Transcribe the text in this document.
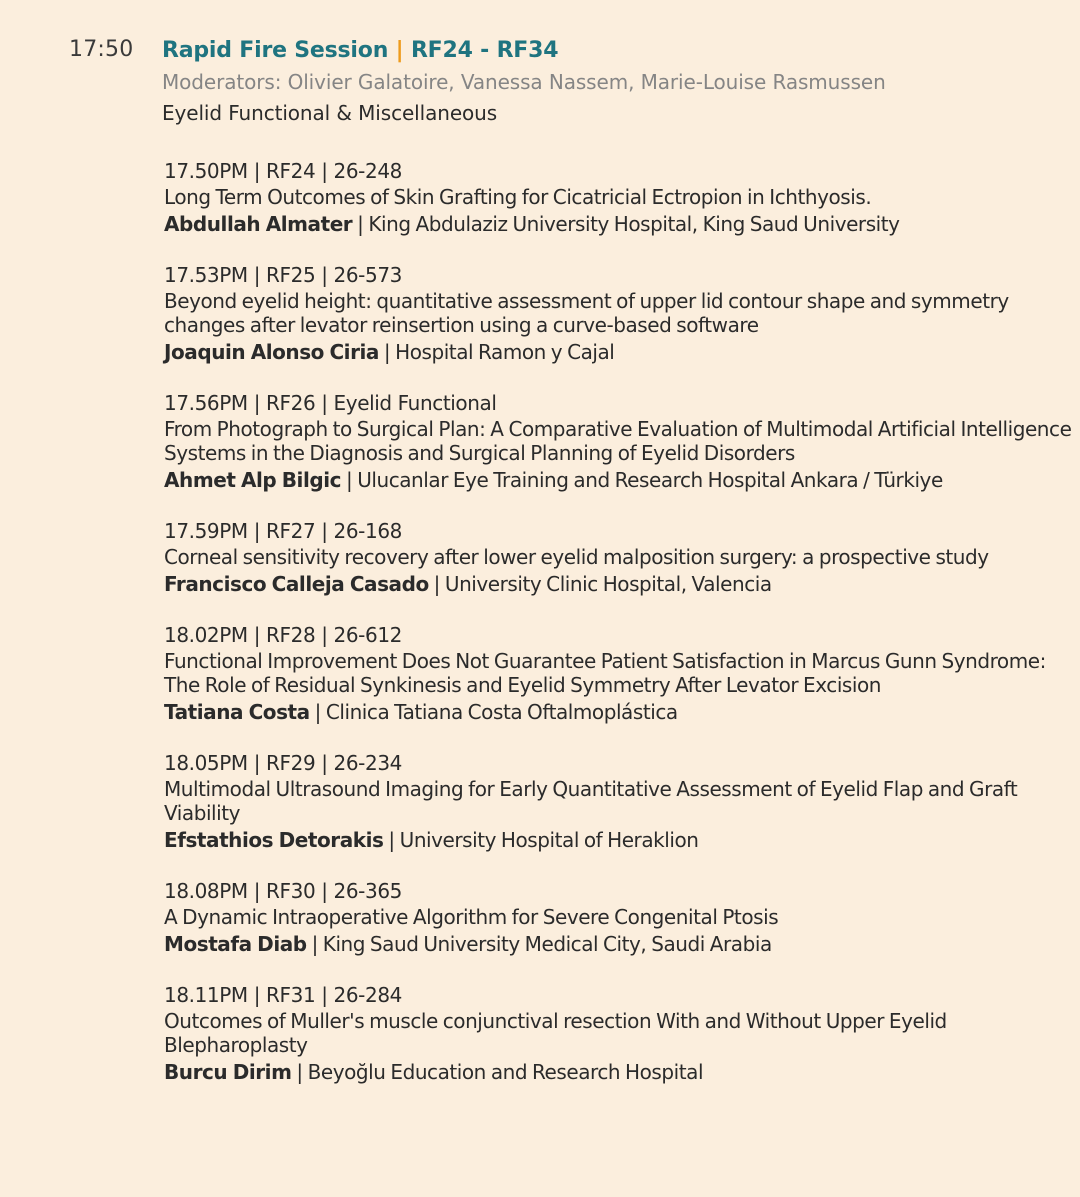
17:50 Rapid Fire Session | RF24 - RF34
Moderators: Olivier Galatoire, Vanessa Nassem, Marie-Louise Rasmussen
Eyelid Functional & Miscellaneous
17.50PM | RF24 | 26-248
Long Term Outcomes of Skin Grafting for Cicatricial Ectropion in Ichthyosis.
Abdullah Almater | King Abdulaziz University Hospital, King Saud University
17.53PM | RF25 | 26-573
Beyond eyelid height: quantitative assessment of upper lid contour shape and symmetry changes after levator reinsertion using a curve-based software
Joaquin Alonso Ciria | Hospital Ramon y Cajal
17.56PM | RF26 | Eyelid Functional
From Photograph to Surgical Plan: A Comparative Evaluation of Multimodal Artificial Intelligence Systems in the Diagnosis and Surgical Planning of Eyelid Disorders
Ahmet Alp Bilgic | Ulucanlar Eye Training and Research Hospital Ankara / Türkiye
17.59PM | RF27 | 26-168
Corneal sensitivity recovery after lower eyelid malposition surgery: a prospective study
Francisco Calleja Casado | University Clinic Hospital, Valencia
18.02PM | RF28 | 26-612
Functional Improvement Does Not Guarantee Patient Satisfaction in Marcus Gunn Syndrome: The Role of Residual Synkinesis and Eyelid Symmetry After Levator Excision
Tatiana Costa | Clinica Tatiana Costa Oftalmoplástica
18.05PM | RF29 | 26-234
Multimodal Ultrasound Imaging for Early Quantitative Assessment of Eyelid Flap and Graft Viability
Efstathios Detorakis | University Hospital of Heraklion
18.08PM | RF30 | 26-365
A Dynamic Intraoperative Algorithm for Severe Congenital Ptosis
Mostafa Diab | King Saud University Medical City, Saudi Arabia
18.11PM | RF31 | 26-284
Outcomes of Muller's muscle conjunctival resection With and Without Upper Eyelid Blepharoplasty
Burcu Dirim | Beyoğlu Education and Research Hospital
